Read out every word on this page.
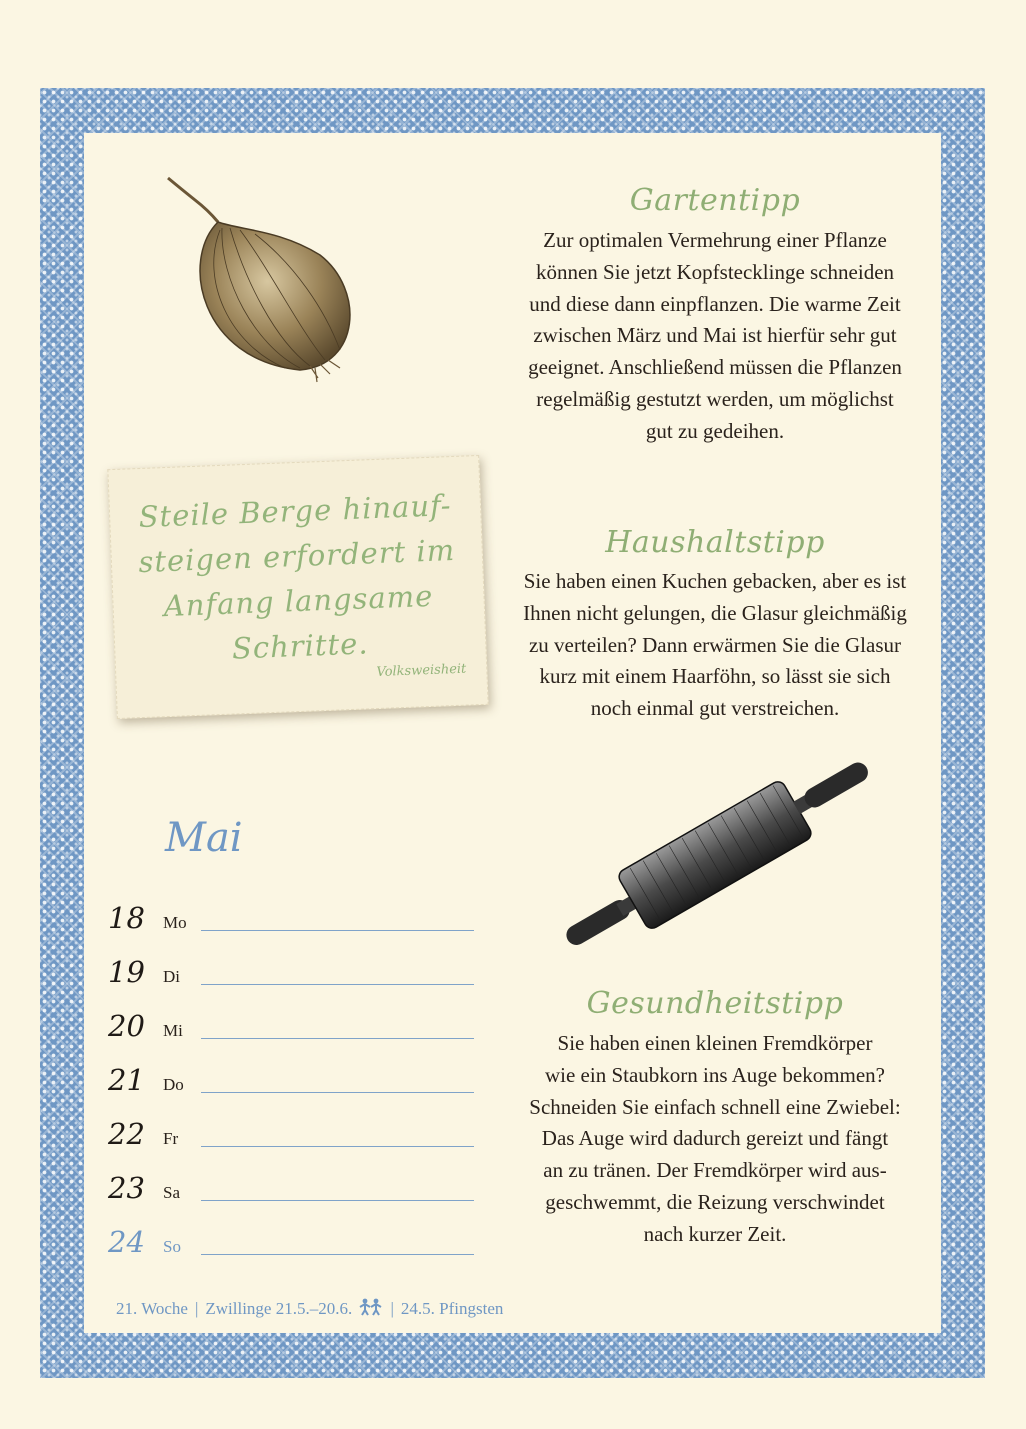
Gartentipp
Zur optimalen Vermehrung einer Pflanze
können Sie jetzt Kopfstecklinge schneiden
und diese dann einpflanzen. Die warme Zeit
zwischen März und Mai ist hierfür sehr gut
geeignet. Anschließend müssen die Pflanzen
regelmäßig gestutzt werden, um möglichst
gut zu gedeihen.
Haushaltstipp
Sie haben einen Kuchen gebacken, aber es ist
Ihnen nicht gelungen, die Glasur gleichmäßig
zu verteilen? Dann erwärmen Sie die Glasur
kurz mit einem Haarföhn, so lässt sie sich
noch einmal gut verstreichen.
Gesundheitstipp
Sie haben einen kleinen Fremdkörper
wie ein Staubkorn ins Auge bekommen?
Schneiden Sie einfach schnell eine Zwiebel:
Das Auge wird dadurch gereizt und fängt
an zu tränen. Der Fremdkörper wird aus-
geschwemmt, die Reizung verschwindet
nach kurzer Zeit.
Steile Berge hinauf-
steigen erfordert im
Anfang langsame
Schritte.
Volksweisheit
Mai
18	Mo
19	Di
20	Mi
21	Do
22	Fr
23	Sa
24	So
21. Woche | Zwillinge 21.5.–20.6. | 24.5. Pfingsten
